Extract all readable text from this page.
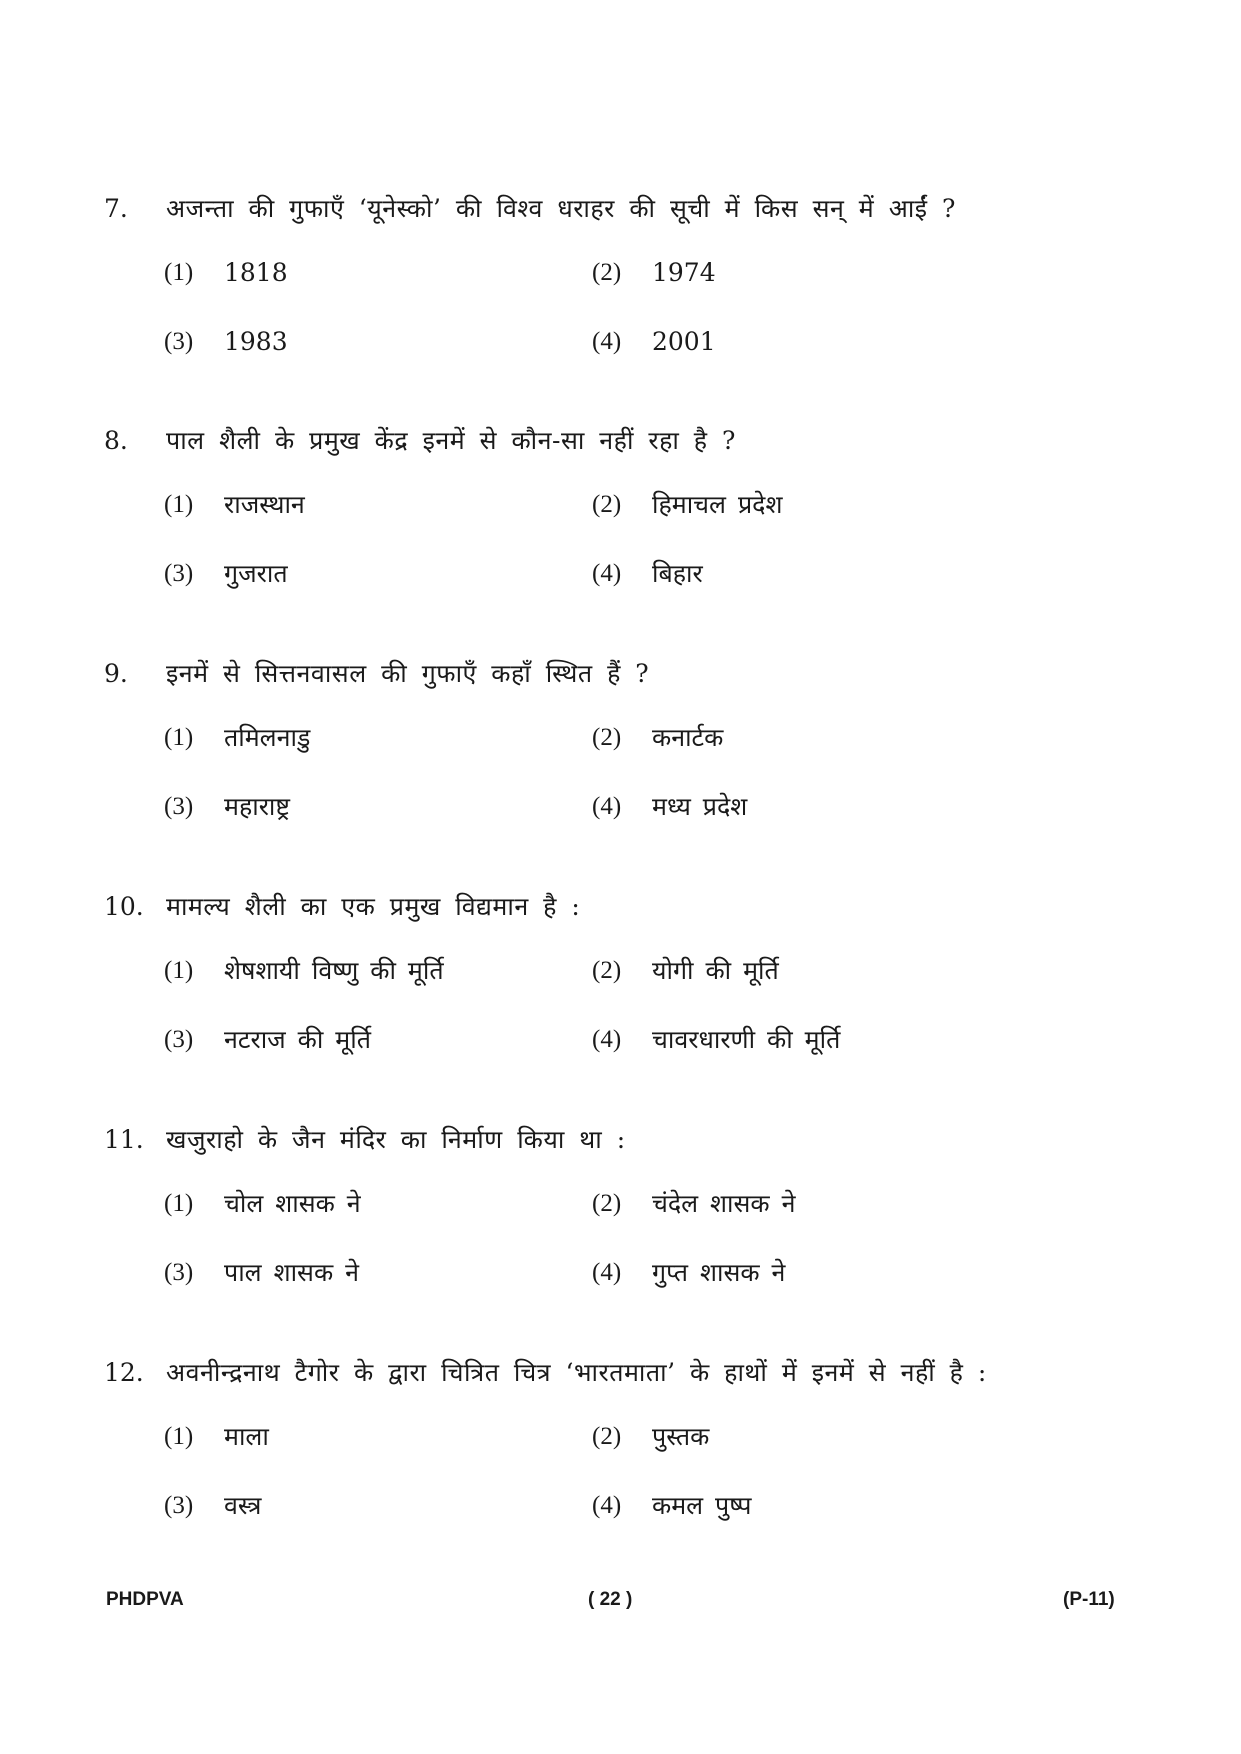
7. अजन्ता की गुफाएँ ‘यूनेस्को’ की विश्व धराहर की सूची में किस सन् में आईं ?
(1) 1818	(2) 1974
(3) 1983	(4) 2001
8. पाल शैली के प्रमुख केंद्र इनमें से कौन-सा नहीं रहा है ?
(1) राजस्थान	(2) हिमाचल प्रदेश
(3) गुजरात	(4) बिहार
9. इनमें से सित्तनवासल की गुफाएँ कहाँ स्थित हैं ?
(1) तमिलनाडु	(2) कनार्टक
(3) महाराष्ट्र	(4) मध्य प्रदेश
10. मामल्य शैली का एक प्रमुख विद्यमान है :
(1) शेषशायी विष्णु की मूर्ति	(2) योगी की मूर्ति
(3) नटराज की मूर्ति	(4) चावरधारणी की मूर्ति
11. खजुराहो के जैन मंदिर का निर्माण किया था :
(1) चोल शासक ने	(2) चंदेल शासक ने
(3) पाल शासक ने	(4) गुप्त शासक ने
12. अवनीन्द्रनाथ टैगोर के द्वारा चित्रित चित्र ‘भारतमाता’ के हाथों में इनमें से नहीं है :
(1) माला	(2) पुस्तक
(3) वस्त्र	(4) कमल पुष्प
PHDPVA	( 22 )	(P-11)
